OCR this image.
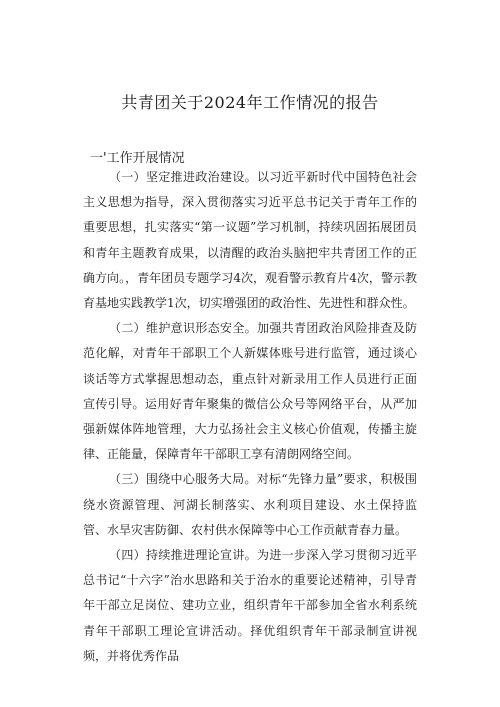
共青团关于2024年工作情况的报告
一'工作开展情况

（一）坚定推进政治建设。以习近平新时代中国特色社会主义思想为指导，深入贯彻落实习近平总书记关于青年工作的重要思想，扎实落实“第一议题”学习机制，持续巩固拓展团员和青年主题教育成果，以清醒的政治头脑把牢共青团工作的正确方向。，青年团员专题学习4次，观看警示教育片4次，警示教育基地实践教学1次，切实增强团的政治性、先进性和群众性。

（二）维护意识形态安全。加强共青团政治风险排查及防范化解，对青年干部职工个人新媒体账号进行监管，通过谈心谈话等方式掌握思想动态，重点针对新录用工作人员进行正面宣传引导。运用好青年聚集的微信公众号等网络平台，从严加强新媒体阵地管理，大力弘扬社会主义核心价值观，传播主旋律、正能量，保障青年干部职工享有清朗网络空间。

（三）围绕中心服务大局。对标“先锋力量”要求，积极围绕水资源管理、河湖长制落实、水利项目建设、水土保持监管、水旱灾害防御、农村供水保障等中心工作贡献青春力量。

（四）持续推进理论宣讲。为进一步深入学习贯彻习近平总书记“十六字”治水思路和关于治水的重要论述精神，引导青年干部立足岗位、建功立业，组织青年干部参加全省水利系统青年干部职工理论宣讲活动。择优组织青年干部录制宣讲视频，并将优秀作品
